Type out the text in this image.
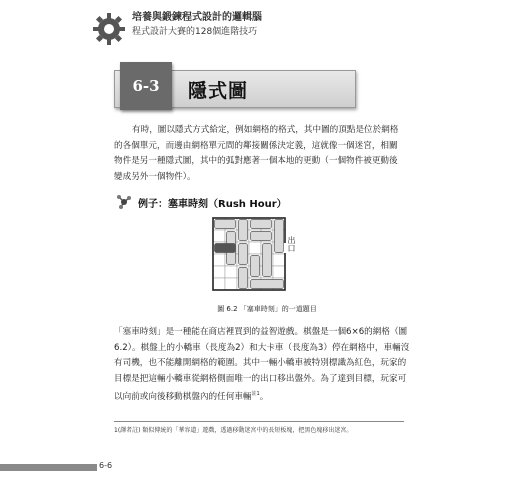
培養與鍛鍊程式設計的邏輯腦
程式設計大賽的128個進階技巧
6-3	隱式圖
有時，圖以隱式方式給定，例如網格的格式，其中圖的頂點是位於網格的各個單元，而邊由網格單元間的鄰接關係決定義，這就像一個迷宮，相關物件是另一種隱式圖，其中的弧對應著一個本地的更動（一個物件被更動後變成另外一個物件）。
例子：塞車時刻（Rush Hour）
出口
圖 6.2 「塞車時刻」的一道題目
「塞車時刻」是一種能在商店裡買到的益智遊戲。棋盤是一個6×6的網格（圖6.2）。棋盤上的小轎車（長度為2）和大卡車（長度為3）停在網格中，車輛沒有司機，也不能離開網格的範圍。其中一輛小轎車被特別標識為紅色，玩家的目標是把這輛小轎車從網格側面唯一的出口移出盤外。為了達到目標，玩家可以向前或向後移動棋盤內的任何車輛$^{註1}$。
1(譯者註) 類似傳統的「華容道」遊戲，透過移動迷宮中的長短板塊，把黑色塊移出迷宮。
6-6
